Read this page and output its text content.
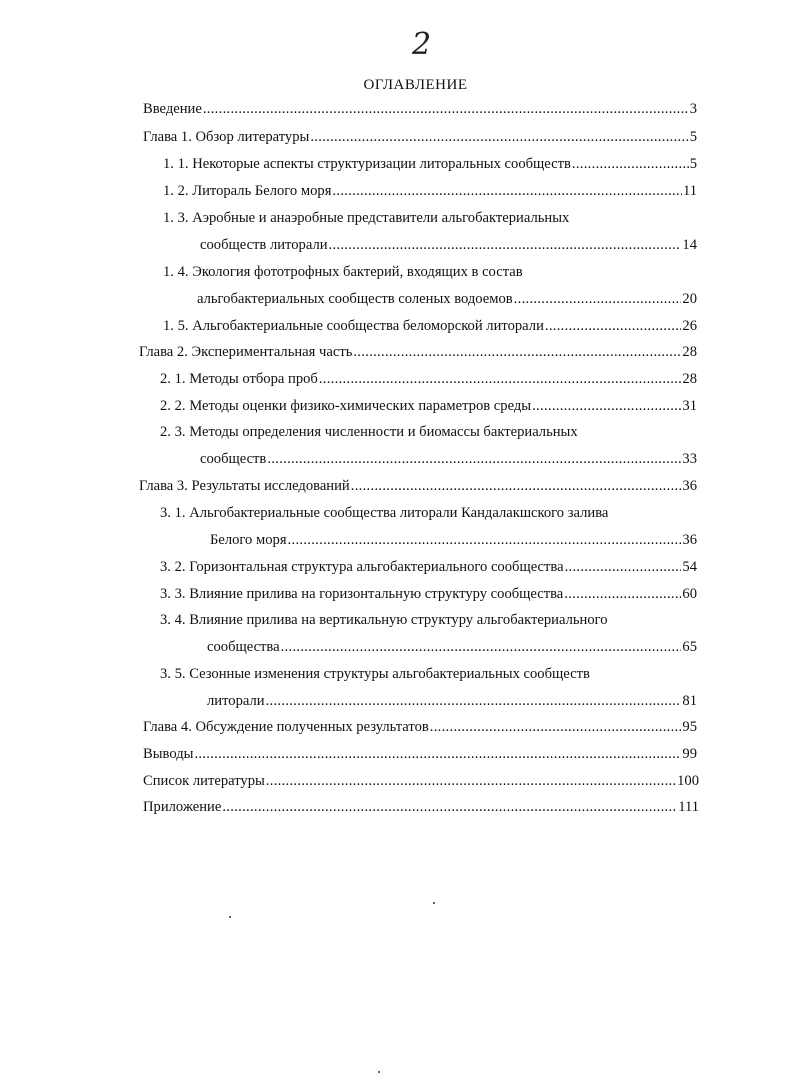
2
ОГЛАВЛЕНИЕ
Введение .....	3
Глава 1. Обзор литературы .....	5
1. 1. Некоторые аспекты структуризации литоральных сообществ .....	5
1. 2. Литораль Белого моря .....	11
1. 3. Аэробные и анаэробные представители альгобактериальных
сообществ литорали .....	14
1. 4. Экология фототрофных бактерий, входящих в состав
альгобактериальных сообществ соленых водоемов .....	20
1. 5. Альгобактериальные сообщества беломорской литорали .....	26
Глава 2. Экспериментальная часть .....	28
2. 1. Методы отбора проб .....	28
2. 2. Методы оценки физико-химических параметров среды .....	31
2. 3. Методы определения численности и биомассы бактериальных
сообществ .....	33
Глава 3. Результаты исследований .....	36
3. 1. Альгобактериальные сообщества литорали Кандалакшского залива
Белого моря .....	36
3. 2. Горизонтальная структура альгобактериального сообщества .....	54
3. 3. Влияние прилива на горизонтальную структуру сообщества .....	60
3. 4. Влияние прилива на вертикальную структуру альгобактериального
сообщества .....	65
3. 5. Сезонные изменения структуры альгобактериальных сообществ
литорали .....	81
Глава 4. Обсуждение полученных результатов .....	95
Выводы .....	99
Список литературы .....	100
Приложение .....	111
